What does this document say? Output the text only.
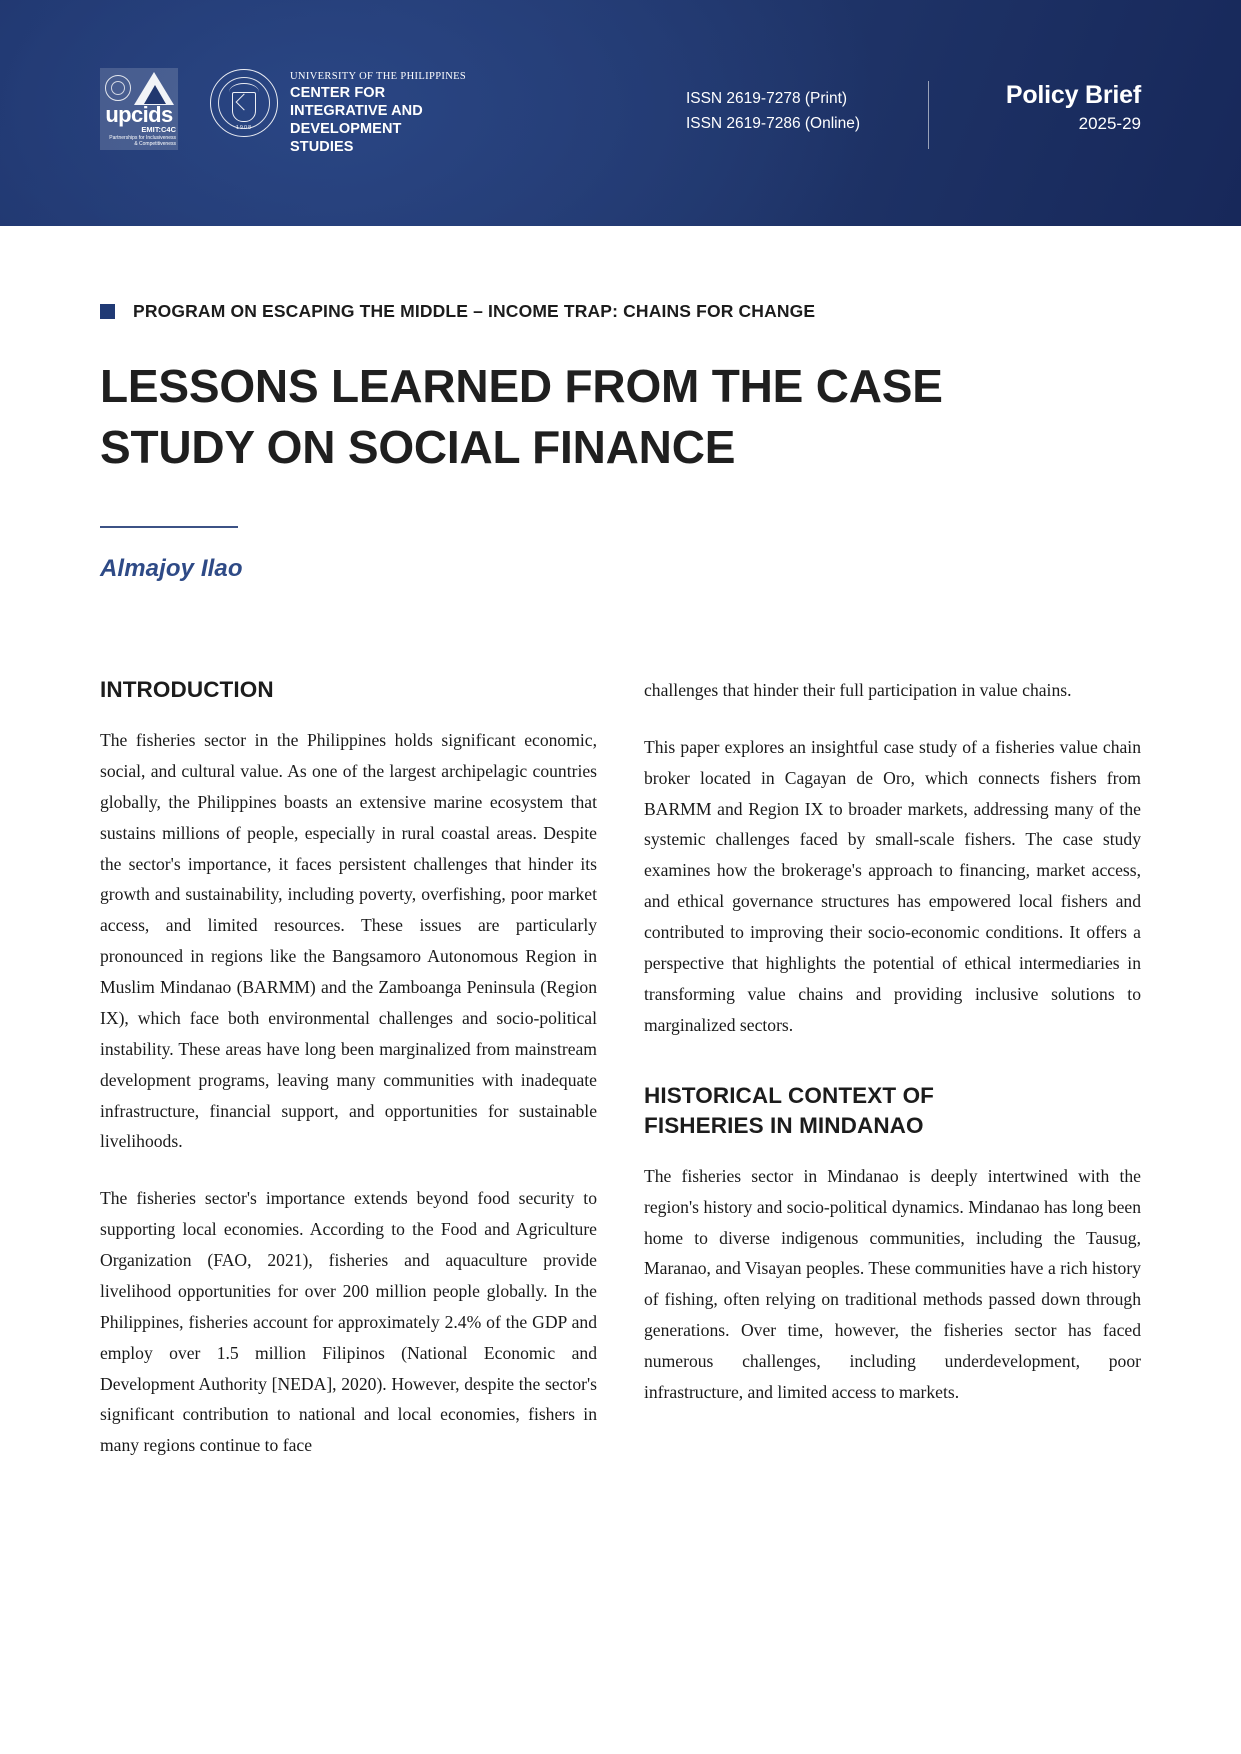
upcids
EMIT:C4C
Partnerships for Inclusiveness
& Competitiveness
1908
UNIVERSITY OF THE PHILIPPINES
CENTER FOR
INTEGRATIVE AND
DEVELOPMENT
STUDIES
ISSN 2619-7278 (Print)
ISSN 2619-7286 (Online)
Policy Brief
2025-29
PROGRAM ON ESCAPING THE MIDDLE – INCOME TRAP: CHAINS FOR CHANGE
LESSONS LEARNED FROM THE CASE STUDY ON SOCIAL FINANCE
Almajoy Ilao
INTRODUCTION

The fisheries sector in the Philippines holds significant economic, social, and cultural value. As one of the largest archipelagic countries globally, the Philippines boasts an extensive marine ecosystem that sustains millions of people, especially in rural coastal areas. Despite the sector's importance, it faces persistent challenges that hinder its growth and sustainability, including poverty, overfishing, poor market access, and limited resources. These issues are particularly pronounced in regions like the Bangsamoro Autonomous Region in Muslim Mindanao (BARMM) and the Zamboanga Peninsula (Region IX), which face both environmental challenges and socio-political instability. These areas have long been marginalized from mainstream development programs, leaving many communities with inadequate infrastructure, financial support, and opportunities for sustainable livelihoods.

The fisheries sector's importance extends beyond food security to supporting local economies. According to the Food and Agriculture Organization (FAO, 2021), fisheries and aquaculture provide livelihood opportunities for over 200 million people globally. In the Philippines, fisheries account for approximately 2.4% of the GDP and employ over 1.5 million Filipinos (National Economic and Development Authority [NEDA], 2020). However, despite the sector's significant contribution to national and local economies, fishers in many regions continue to face

challenges that hinder their full participation in value chains.

This paper explores an insightful case study of a fisheries value chain broker located in Cagayan de Oro, which connects fishers from BARMM and Region IX to broader markets, addressing many of the systemic challenges faced by small-scale fishers. The case study examines how the brokerage's approach to financing, market access, and ethical governance structures has empowered local fishers and contributed to improving their socio-economic conditions. It offers a perspective that highlights the potential of ethical intermediaries in transforming value chains and providing inclusive solutions to marginalized sectors.

HISTORICAL CONTEXT OF
FISHERIES IN MINDANAO

The fisheries sector in Mindanao is deeply intertwined with the region's history and socio-political dynamics. Mindanao has long been home to diverse indigenous communities, including the Tausug, Maranao, and Visayan peoples. These communities have a rich history of fishing, often relying on traditional methods passed down through generations. Over time, however, the fisheries sector has faced numerous challenges, including underdevelopment, poor infrastructure, and limited access to markets.
